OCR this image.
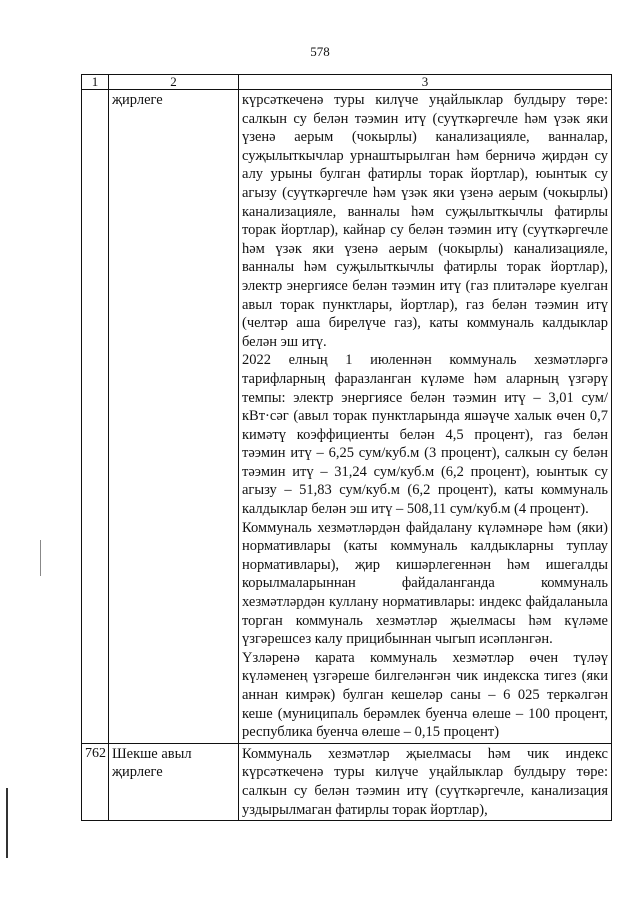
578
1	2	3
	җирлеге	күрсәткеченә туры килүче уңайлыклар булдыру төре: салкын су белән тәэмин итү (суүткәргечле һәм үзәк яки үзенә аерым (чокырлы) канализацияле, ванналар, суҗылыткычлар урнаштырылган һәм берничә җирдән су алу урыны булган фатирлы торак йортлар), юынтык су агызу (суүткәргечле һәм үзәк яки үзенә аерым (чокырлы) канализацияле, ванналы һәм суҗылыткычлы фатирлы торак йортлар), кайнар су белән тәэмин итү (суүткәргечле һәм үзәк яки үзенә аерым (чокырлы) канализацияле, ванналы һәм суҗылыткычлы фатирлы торак йортлар), электр энергиясе белән тәэмин итү (газ плитәләре куелган авыл торак пунктлары, йортлар), газ белән тәэмин итү (челтәр аша бирелүче газ), каты коммуналь калдыклар белән эш итү.

2022 елның 1 июленнән коммуналь хезмәтләргә тарифларның фаразланган күләме һәм аларның үзгәрү темпы: электр энергиясе белән тәэмин итү – 3,01 сум/кВт·сәг (авыл торак пунктларында яшәүче халык өчен 0,7 кимәтү коэффициенты белән 4,5 процент), газ белән тәэмин итү – 6,25 сум/куб.м (3 процент), салкын су белән тәэмин итү – 31,24 сум/куб.м (6,2 процент), юынтык су агызу – 51,83 сум/куб.м (6,2 процент), каты коммуналь калдыклар белән эш итү – 508,11 сум/куб.м (4 процент).

Коммуналь хезмәтләрдән файдалану күләмнәре һәм (яки) нормативлары (каты коммуналь калдыкларны туплау нормативлары), җир кишәрлегеннән һәм ишегалды корылмаларыннан файдаланганда коммуналь хезмәтләрдән куллану нормативлары: индекс файдаланыла торган коммуналь хезмәтләр җыелмасы һәм күләме үзгәрешсез калу прицибыннан чыгып исәпләнгән.

Үзләренә карата коммуналь хезмәтләр өчен түләү күләменең үзгәреше билгеләнгән чик индекска тигез (яки аннан кимрәк) булган кешеләр саны – 6 025 теркәлгән кеше (муниципаль берәмлек буенча өлеше – 100 процент, республика буенча өлеше – 0,15 процент)

762	Шекше авыл җирлеге	Коммуналь хезмәтләр җыелмасы һәм чик индекс күрсәткеченә туры килүче уңайлыклар булдыру төре: салкын су белән тәэмин итү (суүткәргечле, канализация уздырылмаган фатирлы торак йортлар),
